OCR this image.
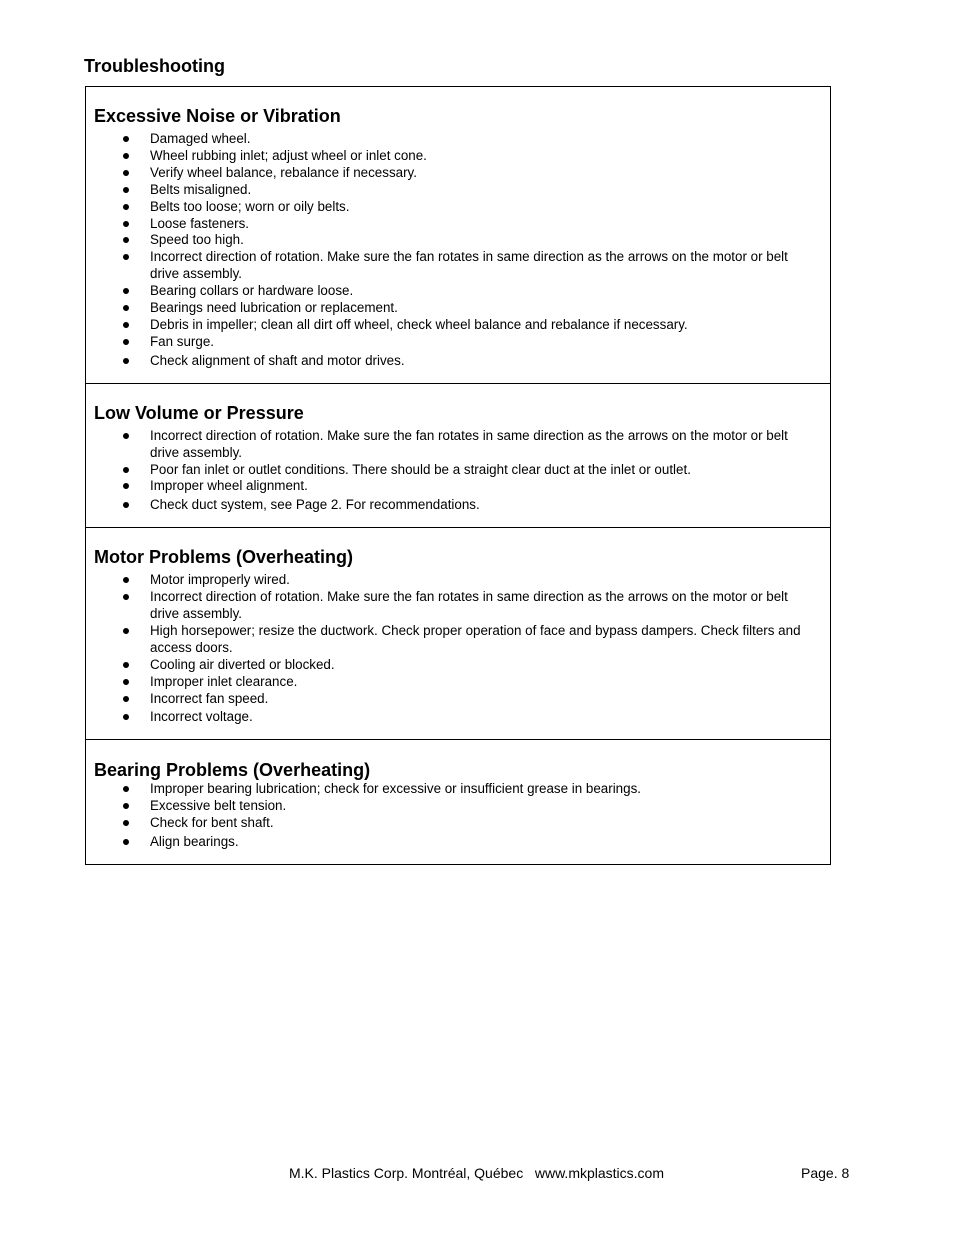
Troubleshooting
Excessive Noise or Vibration
Damaged wheel.
Wheel rubbing inlet; adjust wheel or inlet cone.
Verify wheel balance, rebalance if necessary.
Belts misaligned.
Belts too loose; worn or oily belts.
Loose fasteners.
Speed too high.
Incorrect direction of rotation. Make sure the fan rotates in same direction as the arrows on the motor or belt drive assembly.
Bearing collars or hardware loose.
Bearings need lubrication or replacement.
Debris in impeller; clean all dirt off wheel, check wheel balance and rebalance if necessary.
Fan surge.
Check alignment of shaft and motor drives.
Low Volume or Pressure
Incorrect direction of rotation. Make sure the fan rotates in same direction as the arrows on the motor or belt drive assembly.
Poor fan inlet or outlet conditions. There should be a straight clear duct at the inlet or outlet.
Improper wheel alignment.
Check duct system, see Page 2. For recommendations.
Motor Problems (Overheating)
Motor improperly wired.
Incorrect direction of rotation. Make sure the fan rotates in same direction as the arrows on the motor or belt drive assembly.
High horsepower; resize the ductwork. Check proper operation of face and bypass dampers. Check filters and access doors.
Cooling air diverted or blocked.
Improper inlet clearance.
Incorrect fan speed.
Incorrect voltage.
Bearing Problems (Overheating)
Improper bearing lubrication; check for excessive or insufficient grease in bearings.
Excessive belt tension.
Check for bent shaft.
Align bearings.
M.K. Plastics Corp. Montréal, Québec   www.mkplastics.com	Page. 8
